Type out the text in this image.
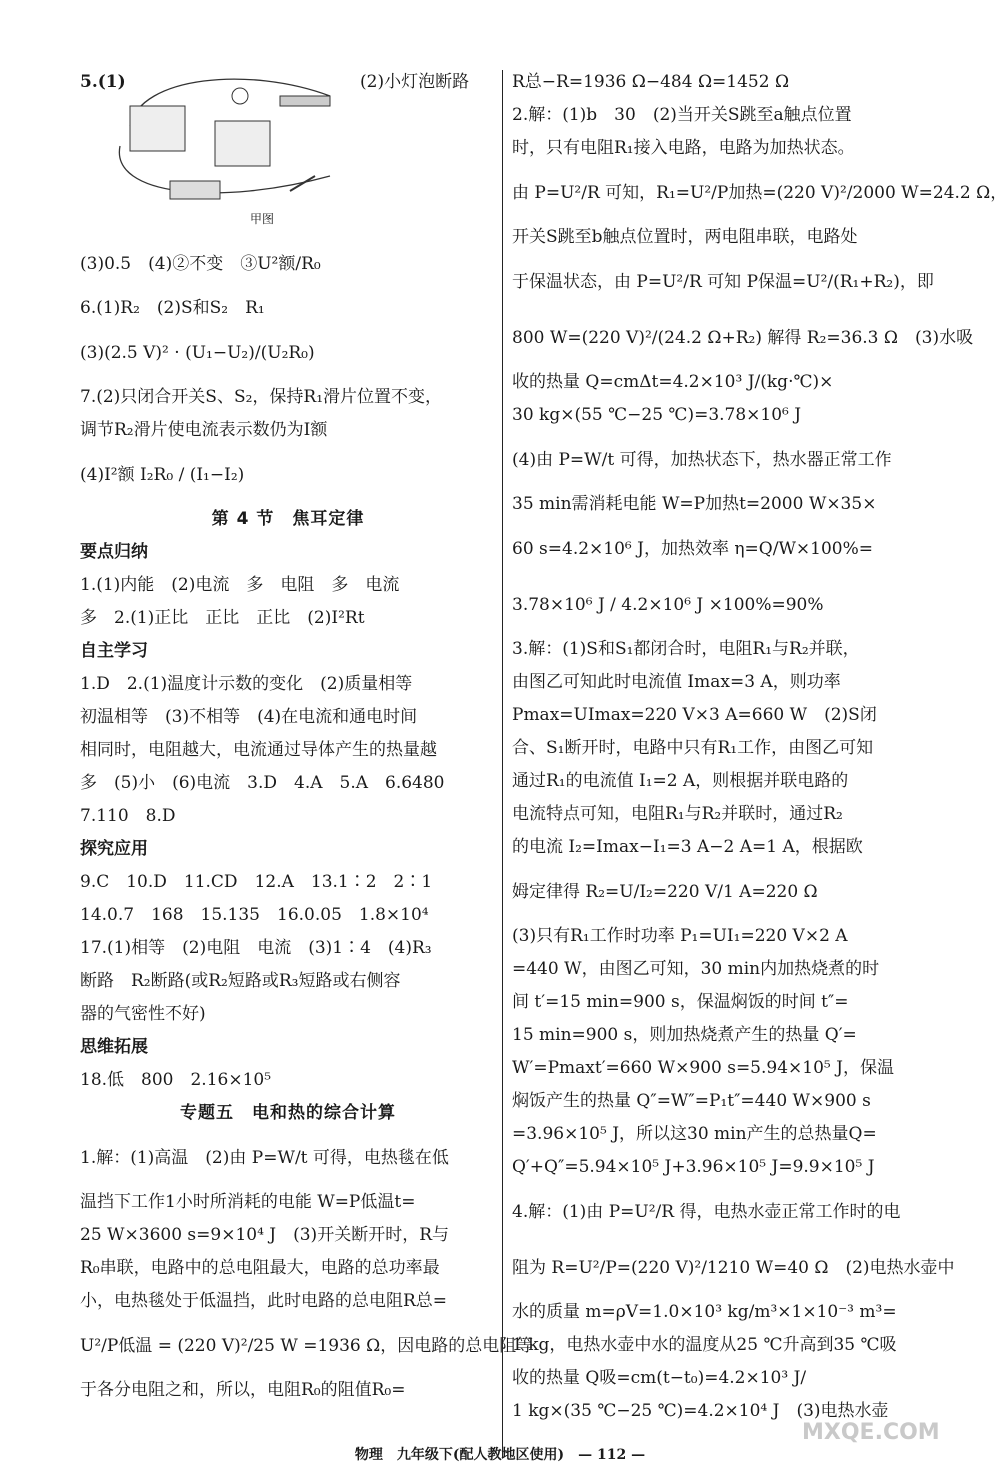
5.(1)	(2)小灯泡断路
甲图
(3)0.5　(4)②不变　③U²额/R₀
6.(1)R₂　(2)S和S₂　R₁
(3)(2.5 V)² · (U₁−U₂)/(U₂R₀)
7.(2)只闭合开关S、S₂，保持R₁滑片位置不变，
调节R₂滑片使电流表示数仍为I额
(4)I²额 I₂R₀ / (I₁−I₂)
第 4 节　焦耳定律
要点归纳
1.(1)内能　(2)电流　多　电阻　多　电流
多　2.(1)正比　正比　正比　(2)I²Rt
自主学习
1.D　2.(1)温度计示数的变化　(2)质量相等
初温相等　(3)不相等　(4)在电流和通电时间
相同时，电阻越大，电流通过导体产生的热量越
多　(5)小　(6)电流　3.D　4.A　5.A　6.6480
7.110　8.D
探究应用
9.C　10.D　11.CD　12.A　13.1∶2　2∶1
14.0.7　168　15.135　16.0.05　1.8×10⁴
17.(1)相等　(2)电阻　电流　(3)1∶4　(4)R₃
断路　R₂断路(或R₂短路或R₃短路或右侧容
器的气密性不好)
思维拓展
18.低　800　2.16×10⁵
专题五　电和热的综合计算
1.解：(1)高温　(2)由 P=W/t 可得，电热毯在低
温挡下工作1小时所消耗的电能 W=P低温t=
25 W×3600 s=9×10⁴ J　(3)开关断开时，R与
R₀串联，电路中的总电阻最大，电路的总功率最
小，电热毯处于低温挡，此时电路的总电阻R总=
U²/P低温 = (220 V)²/25 W =1936 Ω，因电路的总电阻等
于各分电阻之和，所以，电阻R₀的阻值R₀=
R总−R=1936 Ω−484 Ω=1452 Ω
2.解：(1)b　30　(2)当开关S跳至a触点位置
时，只有电阻R₁接入电路，电路为加热状态。
由 P=U²/R 可知，R₁=U²/P加热=(220 V)²/2000 W=24.2 Ω，
开关S跳至b触点位置时，两电阻串联，电路处
于保温状态，由 P=U²/R 可知 P保温=U²/(R₁+R₂)，即
800 W=(220 V)²/(24.2 Ω+R₂) 解得 R₂=36.3 Ω　(3)水吸
收的热量 Q=cmΔt=4.2×10³ J/(kg·℃)×
30 kg×(55 ℃−25 ℃)=3.78×10⁶ J
(4)由 P=W/t 可得，加热状态下，热水器正常工作
35 min需消耗电能 W=P加热t=2000 W×35×
60 s=4.2×10⁶ J，加热效率 η=Q/W×100%=
3.78×10⁶ J / 4.2×10⁶ J ×100%=90%
3.解：(1)S和S₁都闭合时，电阻R₁与R₂并联，
由图乙可知此时电流值 Imax=3 A，则功率
Pmax=UImax=220 V×3 A=660 W　(2)S闭
合、S₁断开时，电路中只有R₁工作，由图乙可知
通过R₁的电流值 I₁=2 A，则根据并联电路的
电流特点可知，电阻R₁与R₂并联时，通过R₂
的电流 I₂=Imax−I₁=3 A−2 A=1 A，根据欧
姆定律得 R₂=U/I₂=220 V/1 A=220 Ω
(3)只有R₁工作时功率 P₁=UI₁=220 V×2 A
=440 W，由图乙可知，30 min内加热烧煮的时
间 t′=15 min=900 s，保温焖饭的时间 t″=
15 min=900 s，则加热烧煮产生的热量 Q′=
W′=Pmaxt′=660 W×900 s=5.94×10⁵ J，保温
焖饭产生的热量 Q″=W″=P₁t″=440 W×900 s
=3.96×10⁵ J，所以这30 min产生的总热量Q=
Q′+Q″=5.94×10⁵ J+3.96×10⁵ J=9.9×10⁵ J
4.解：(1)由 P=U²/R 得，电热水壶正常工作时的电
阻为 R=U²/P=(220 V)²/1210 W=40 Ω　(2)电热水壶中
水的质量 m=ρV=1.0×10³ kg/m³×1×10⁻³ m³=
1 kg，电热水壶中水的温度从25 ℃升高到35 ℃吸
收的热量 Q吸=cm(t−t₀)=4.2×10³ J/
1 kg×(35 ℃−25 ℃)=4.2×10⁴ J　(3)电热水壶
物理　九年级下(配人教地区使用)　— 112 —
MXQE.COM
